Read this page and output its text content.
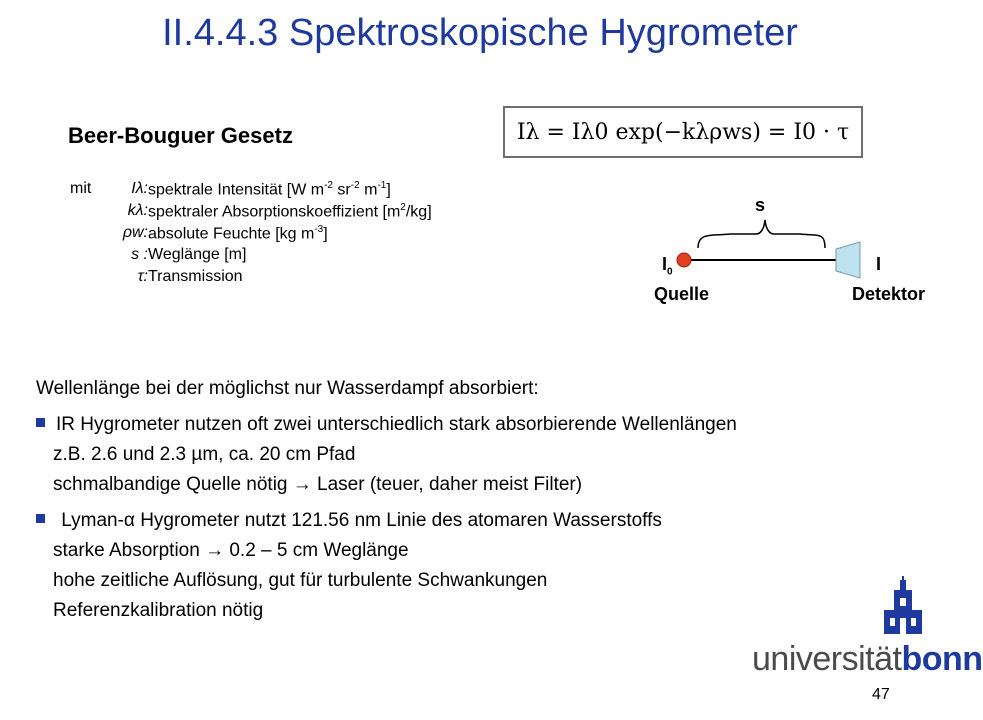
II.4.4.3 Spektroskopische Hygrometer
Beer-Bouguer Gesetz	Iλ = Iλ0 exp(−kλρws) = I0 · τ
mit	Iλ: spektrale Intensität [W $m^{-2}$ $sr^{-2}$ $m^{-1}$]
kλ: spektraler Absorptionskoeffizient $[m^2/kg]$
ρw: absolute Feuchte [kg $m^{-3}$]
s : Weglänge [m]
τ: Transmission
s
$I_0$
Quelle
I
Detektor
Wellenlänge bei der möglichst nur Wasserdampf absorbiert:
IR Hygrometer nutzen oft zwei unterschiedlich stark absorbierende Wellenlängen
z.B. 2.6 und 2.3 µm, ca. 20 cm Pfad
schmalbandige Quelle nötig → Laser (teuer, daher meist Filter)
Lyman-α Hygrometer nutzt 121.56 nm Linie des atomaren Wasserstoffs
starke Absorption → 0.2 – 5 cm Weglänge
hohe zeitliche Auflösung, gut für turbulente Schwankungen
Referenzkalibration nötig
universitätbonn
47
